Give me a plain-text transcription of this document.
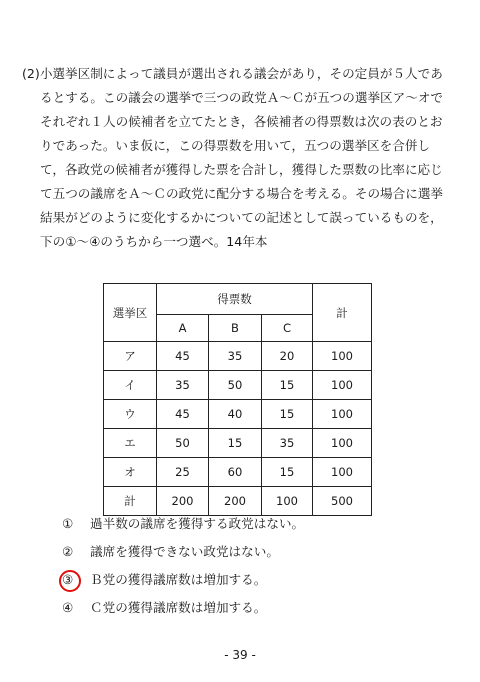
(2)小選挙区制によって議員が選出される議会があり，その定員が５人であるとする。この議会の選挙で三つの政党Ａ～Ｃが五つの選挙区ア～オでそれぞれ１人の候補者を立てたとき，各候補者の得票数は次の表のとおりであった。いま仮に，この得票数を用いて，五つの選挙区を合併して，各政党の候補者が獲得した票を合計し，獲得した票数の比率に応じて五つの議席をＡ～Ｃの政党に配分する場合を考える。その場合に選挙結果がどのように変化するかについての記述として誤っているものを，下の①～④のうちから一つ選べ。14年本

選挙区	得票数			計
	A	B	C	
ア	45	35	20	100
イ	35	50	15	100
ウ	45	40	15	100
エ	50	15	35	100
オ	25	60	15	100
計	200	200	100	500
① 過半数の議席を獲得する政党はない。
② 議席を獲得できない政党はない。
③ Ｂ党の獲得議席数は増加する。
④ Ｃ党の獲得議席数は増加する。
- 39 -
